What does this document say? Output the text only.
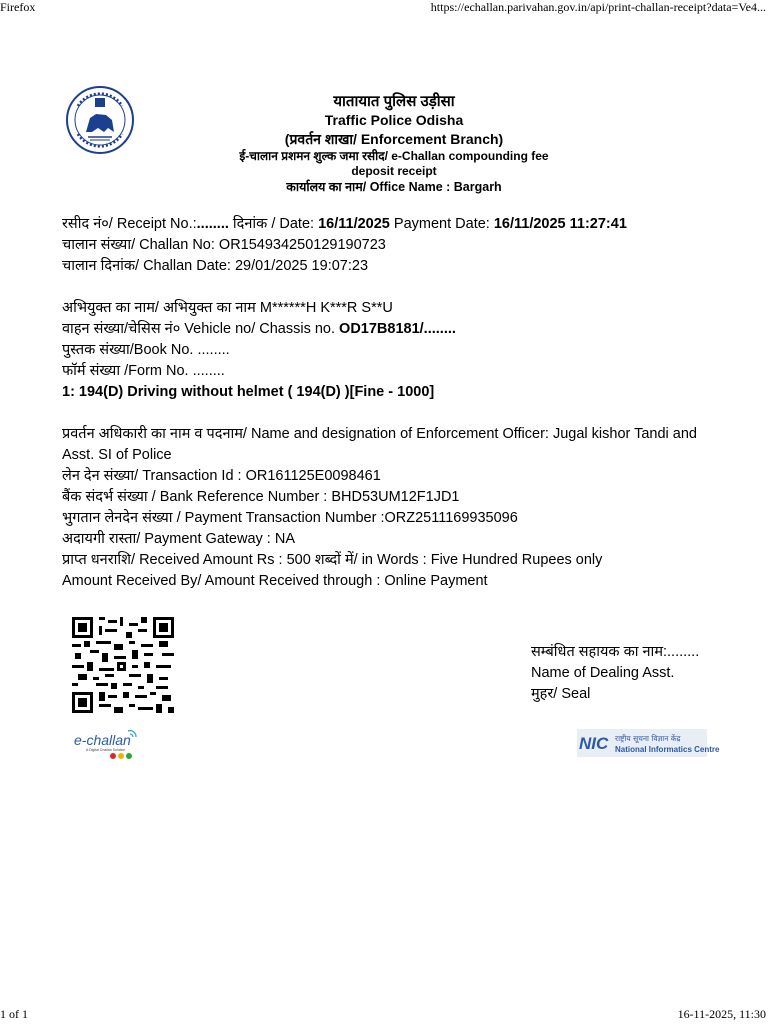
Firefox	https://echallan.parivahan.gov.in/api/print-challan-receipt?data=Ve4...
यातायात पुलिस उड़ीसा
Traffic Police Odisha
(प्रवर्तन शाखा/ Enforcement Branch)
ई-चालान प्रशमन शुल्क जमा रसीद/ e-Challan compounding fee
deposit receipt
कार्यालय का नाम/ Office Name : Bargarh
रसीद नं०/ Receipt No.:........ दिनांक / Date: 16/11/2025 Payment Date: 16/11/2025 11:27:41
चालान संख्या/ Challan No: OR154934250129190723
चालान दिनांक/ Challan Date: 29/01/2025 19:07:23
अभियुक्त का नाम/ अभियुक्त का नाम M******H K***R S**U
वाहन संख्या/चेसिस नं० Vehicle no/ Chassis no. OD17B8181/........
पुस्तक संख्या/Book No. ........
फॉर्म संख्या /Form No. ........
1: 194(D) Driving without helmet ( 194(D) )[Fine - 1000]
प्रवर्तन अधिकारी का नाम व पदनाम/ Name and designation of Enforcement Officer: Jugal kishor Tandi and Asst. SI of Police
लेन देन संख्या/ Transaction Id : OR161125E0098461
बैंक संदर्भ संख्या / Bank Reference Number : BHD53UM12F1JD1
भुगतान लेनदेन संख्या / Payment Transaction Number :ORZ2511169935096
अदायगी रास्ता/ Payment Gateway : NA
प्राप्त धनराशि/ Received Amount Rs : 500 शब्दों में/ in Words : Five Hundred Rupees only
Amount Received By/ Amount Received through : Online Payment
सम्बंधित सहायक का नाम:........
Name of Dealing Asst.
मुहर/ Seal
e-challan
A Digital Challan Solution	NIC राष्ट्रीय सूचना विज्ञान केंद्र
National Informatics Centre
1 of 1	16-11-2025, 11:30
